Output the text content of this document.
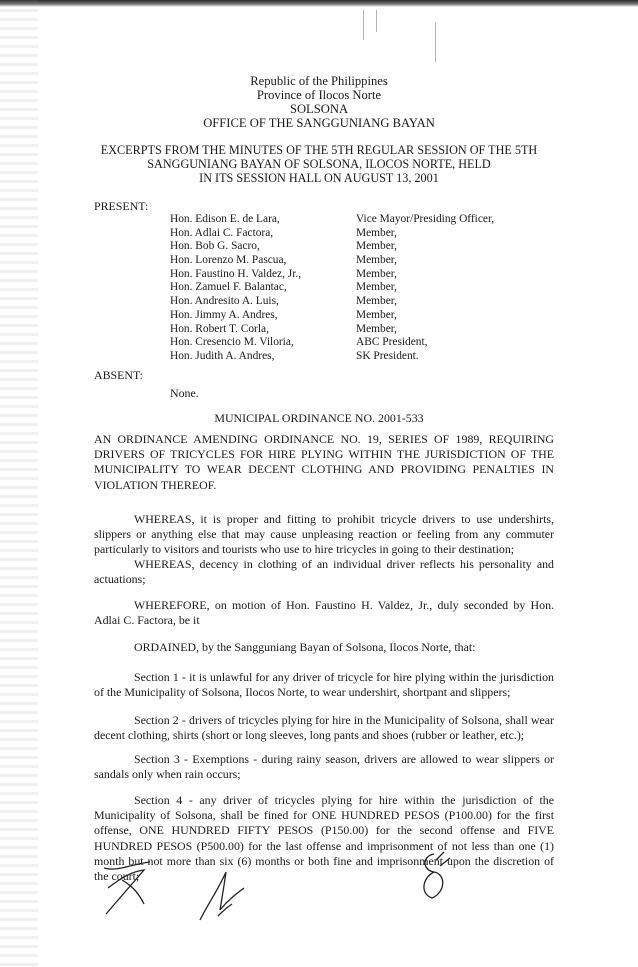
Republic of the Philippines
Province of Ilocos Norte
SOLSONA
OFFICE OF THE SANGGUNIANG BAYAN
EXCERPTS FROM THE MINUTES OF THE 5TH REGULAR SESSION OF THE 5TH
SANGGUNIANG BAYAN OF SOLSONA, ILOCOS NORTE, HELD
IN ITS SESSION HALL ON AUGUST 13, 2001
PRESENT:
Hon. Edison E. de Lara,
Hon. Adlai C. Factora,
Hon. Bob G. Sacro,
Hon. Lorenzo M. Pascua,
Hon. Faustino H. Valdez, Jr.,
Hon. Zamuel F. Balantac,
Hon. Andresito A. Luis,
Hon. Jimmy A. Andres,
Hon. Robert T. Corla,
Hon. Cresencio M. Viloria,
Hon. Judith A. Andres,
Vice Mayor/Presiding Officer,
Member,
Member,
Member,
Member,
Member,
Member,
Member,
Member,
ABC President,
SK President.
ABSENT:
None.
MUNICIPAL ORDINANCE NO. 2001-533
AN ORDINANCE AMENDING ORDINANCE NO. 19, SERIES OF 1989, REQUIRING DRIVERS OF TRICYCLES FOR HIRE PLYING WITHIN THE JURISDICTION OF THE MUNICIPALITY TO WEAR DECENT CLOTHING AND PROVIDING PENALTIES IN VIOLATION THEREOF.
WHEREAS, it is proper and fitting to prohibit tricycle drivers to use undershirts, slippers or anything else that may cause unpleasing reaction or feeling from any commuter particularly to visitors and tourists who use to hire tricycles in going to their destination;
WHEREAS, decency in clothing of an individual driver reflects his personality and actuations;
WHEREFORE, on motion of Hon. Faustino H. Valdez, Jr., duly seconded by Hon. Adlai C. Factora, be it
ORDAINED, by the Sangguniang Bayan of Solsona, Ilocos Norte, that:
Section 1 - it is unlawful for any driver of tricycle for hire plying within the jurisdiction of the Municipality of Solsona, Ilocos Norte, to wear undershirt, shortpant and slippers;
Section 2 - drivers of tricycles plying for hire in the Municipality of Solsona, shall wear decent clothing, shirts (short or long sleeves, long pants and shoes (rubber or leather, etc.);
Section 3 - Exemptions - during rainy season, drivers are allowed to wear slippers or sandals only when rain occurs;
Section 4 - any driver of tricycles plying for hire within the jurisdiction of the Municipality of Solsona, shall be fined for ONE HUNDRED PESOS (P100.00) for the first offense, ONE HUNDRED FIFTY PESOS (P150.00) for the second offense and FIVE HUNDRED PESOS (P500.00) for the last offense and imprisonment of not less than one (1) month but not more than six (6) months or both fine and imprisonment upon the discretion of the court;
